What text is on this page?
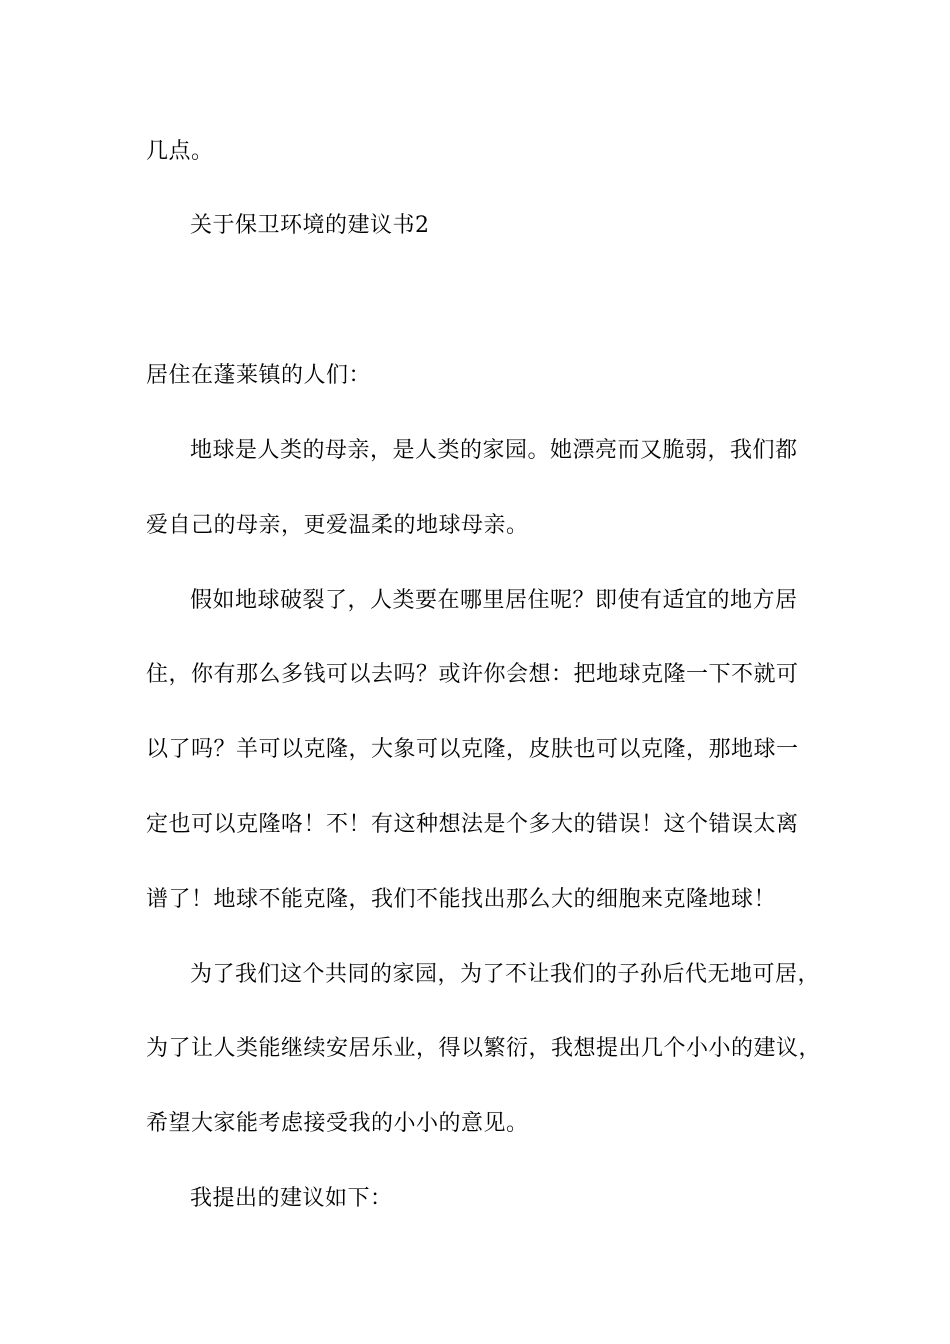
几点。
关于保卫环境的建议书2
居住在蓬莱镇的人们：
地球是人类的母亲，是人类的家园。她漂亮而又脆弱，我们都
爱自己的母亲，更爱温柔的地球母亲。
假如地球破裂了，人类要在哪里居住呢？即使有适宜的地方居
住，你有那么多钱可以去吗？或许你会想：把地球克隆一下不就可
以了吗？羊可以克隆，大象可以克隆，皮肤也可以克隆，那地球一
定也可以克隆咯！不！有这种想法是个多大的错误！这个错误太离
谱了！地球不能克隆，我们不能找出那么大的细胞来克隆地球！
为了我们这个共同的家园，为了不让我们的子孙后代无地可居，
为了让人类能继续安居乐业，得以繁衍，我想提出几个小小的建议，
希望大家能考虑接受我的小小的意见。
我提出的建议如下：
